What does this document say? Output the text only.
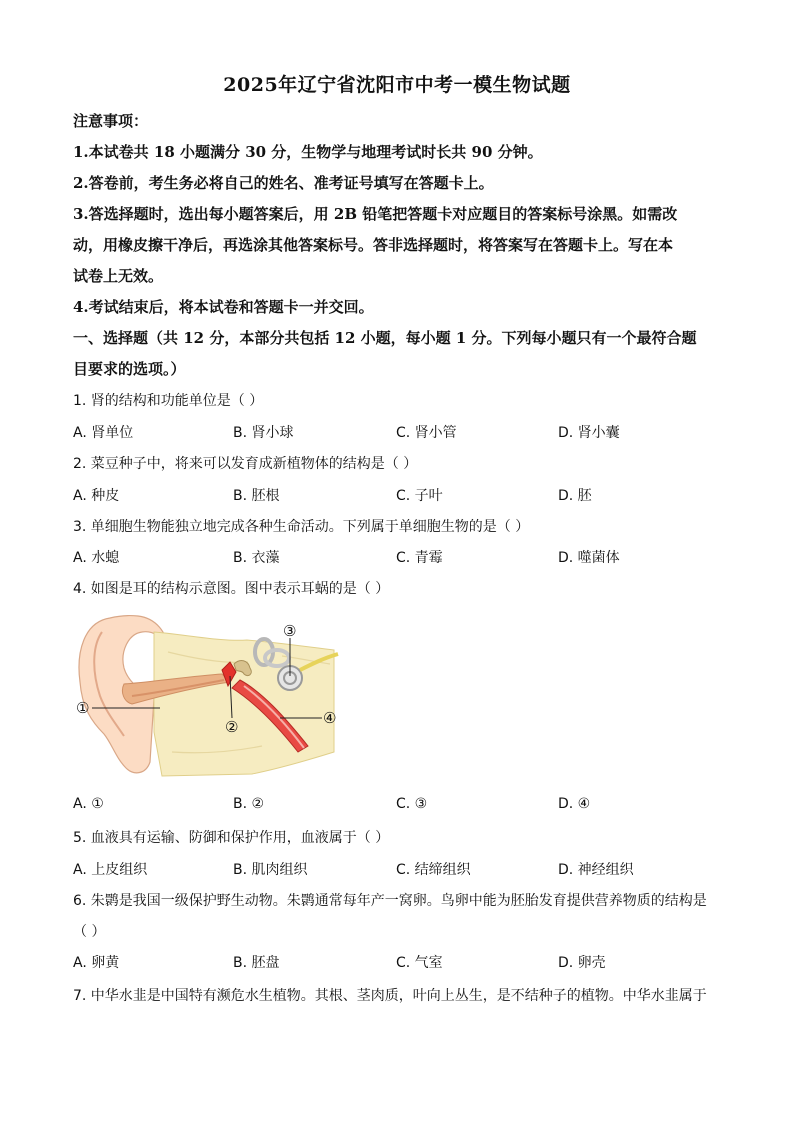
2025年辽宁省沈阳市中考一模生物试题
注意事项：
1.本试卷共 18 小题满分 30 分，生物学与地理考试时长共 90 分钟。
2.答卷前，考生务必将自己的姓名、准考证号填写在答题卡上。
3.答选择题时，选出每小题答案后，用 2B 铅笔把答题卡对应题目的答案标号涂黑。如需改
动，用橡皮擦干净后，再选涂其他答案标号。答非选择题时，将答案写在答题卡上。写在本
试卷上无效。
4.考试结束后，将本试卷和答题卡一并交回。
一、选择题（共 12 分，本部分共包括 12 小题，每小题 1 分。下列每小题只有一个最符合题
目要求的选项。）
1. 肾的结构和功能单位是（ ）
A. 肾单位	B. 肾小球	C. 肾小管	D. 肾小囊
2. 菜豆种子中，将来可以发育成新植物体的结构是（ ）
A. 种皮	B. 胚根	C. 子叶	D. 胚
3. 单细胞生物能独立地完成各种生命活动。下列属于单细胞生物的是（ ）
A. 水螅	B. 衣藻	C. 青霉	D. 噬菌体
4. 如图是耳的结构示意图。图中表示耳蜗的是（ ）
①
②
③
④
A. ①	B. ②	C. ③	D. ④
5. 血液具有运输、防御和保护作用，血液属于（ ）
A. 上皮组织	B. 肌肉组织	C. 结缔组织	D. 神经组织
6. 朱鹮是我国一级保护野生动物。朱鹮通常每年产一窝卵。鸟卵中能为胚胎发育提供营养物质的结构是
（ ）
A. 卵黄	B. 胚盘	C. 气室	D. 卵壳
7. 中华水韭是中国特有濒危水生植物。其根、茎肉质，叶向上丛生，是不结种子的植物。中华水韭属于
